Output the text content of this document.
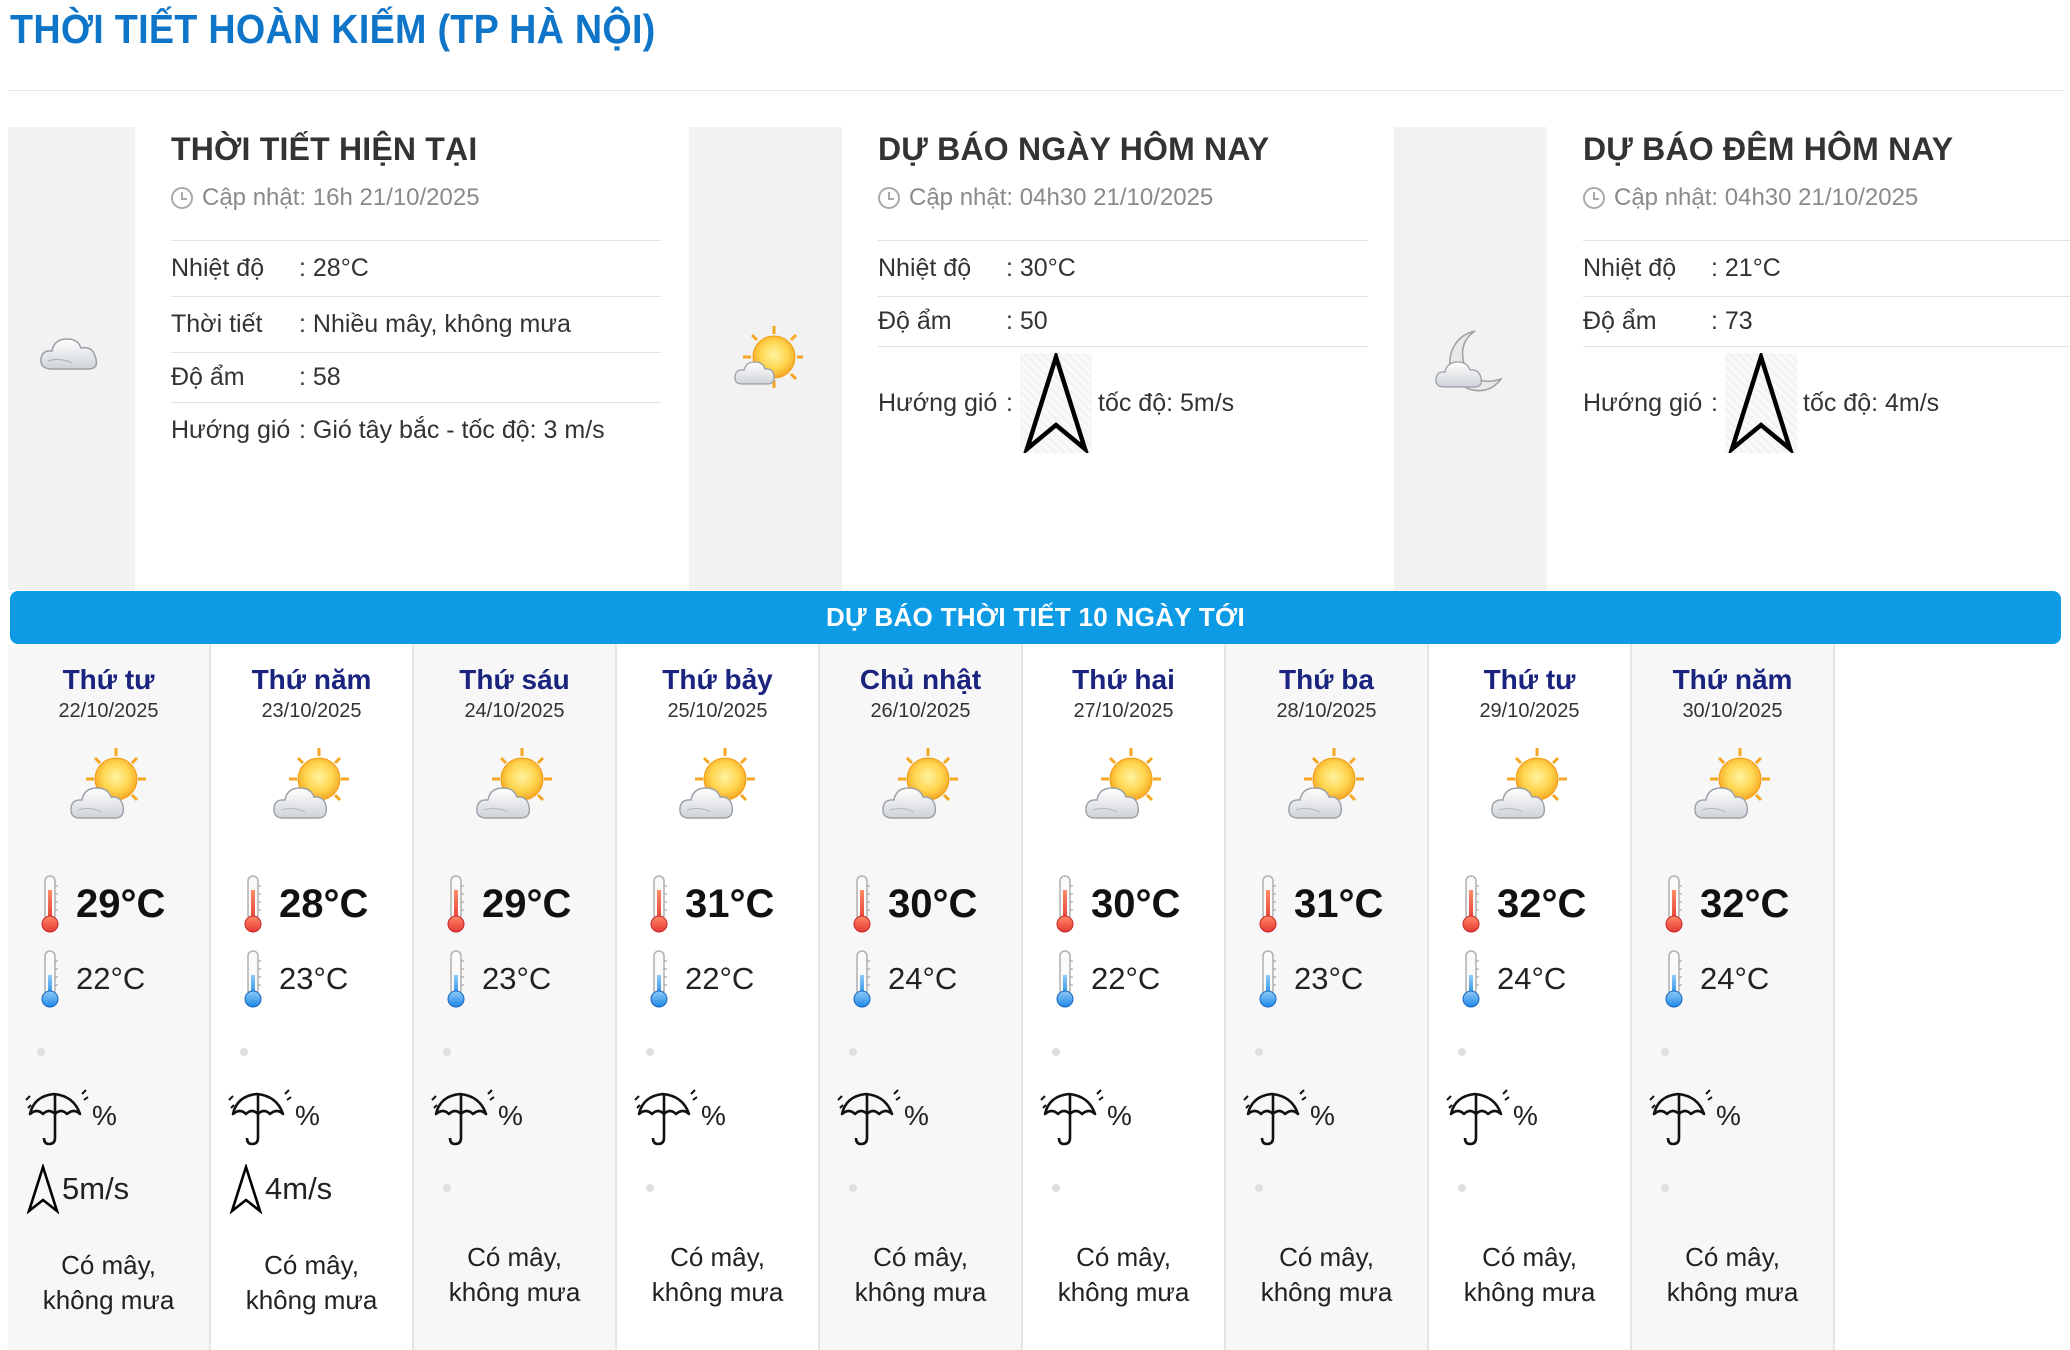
THỜI TIẾT HOÀN KIẾM (TP HÀ NỘI)
THỜI TIẾT HIỆN TẠI
Cập nhật: 16h 21/10/2025
Nhiệt độ	: 28°C
Thời tiết	: Nhiều mây, không mưa
Độ ẩm	: 58
Hướng gió : Gió tây bắc - tốc độ: 3 m/s
DỰ BÁO NGÀY HÔM NAY
Cập nhật: 04h30 21/10/2025
Nhiệt độ	: 30°C
Độ ẩm	: 50
Hướng gió :	tốc độ: 5m/s
DỰ BÁO ĐÊM HÔM NAY
Cập nhật: 04h30 21/10/2025
Nhiệt độ	: 21°C
Độ ẩm	: 73
Hướng gió :	tốc độ: 4m/s
DỰ BÁO THỜI TIẾT 10 NGÀY TỚI
Thứ tư
22/10/2025
29°C
22°C
%
5m/s
Có mây,
không mưa
Thứ năm
23/10/2025
28°C
23°C
%
4m/s
Có mây,
không mưa
Thứ sáu
24/10/2025
29°C
23°C
%
Có mây,
không mưa
Thứ bảy
25/10/2025
31°C
22°C
%
Có mây,
không mưa
Chủ nhật
26/10/2025
30°C
24°C
%
Có mây,
không mưa
Thứ hai
27/10/2025
30°C
22°C
%
Có mây,
không mưa
Thứ ba
28/10/2025
31°C
23°C
%
Có mây,
không mưa
Thứ tư
29/10/2025
32°C
24°C
%
Có mây,
không mưa
Thứ năm
30/10/2025
32°C
24°C
%
Có mây,
không mưa
